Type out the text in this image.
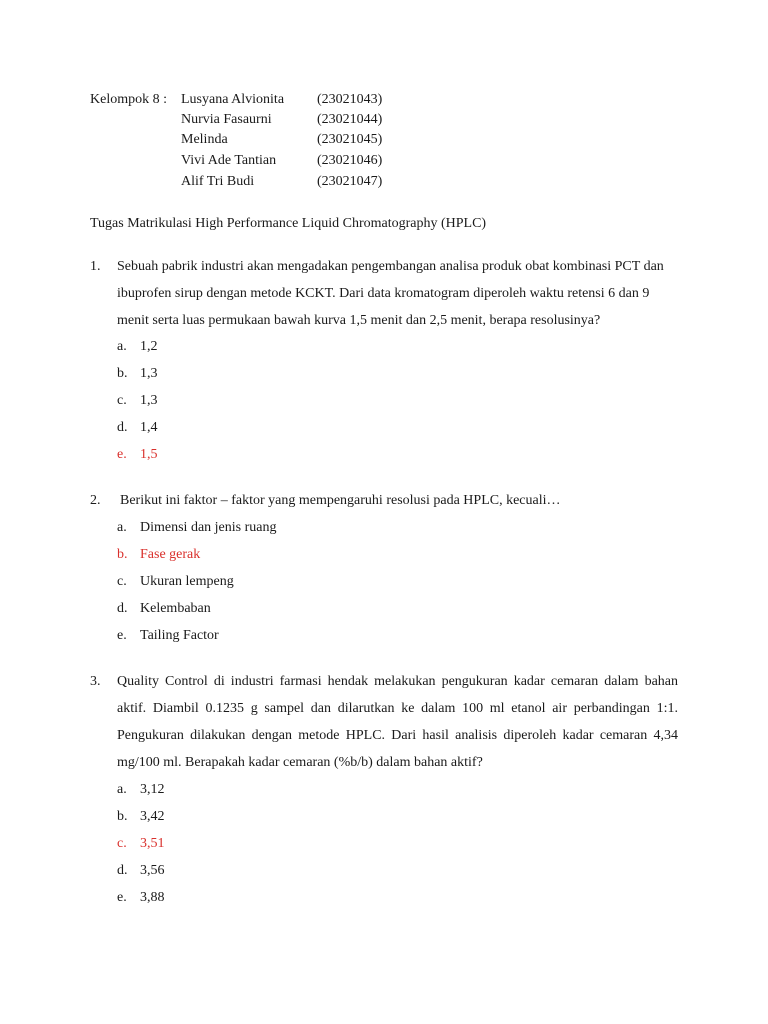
Kelompok 8 : Lusyana Alvionita (23021043)
Nurvia Fasaurni	(23021044)
Melinda	(23021045)
Vivi Ade Tantian	(23021046)
Alif Tri Budi	(23021047)
Tugas Matrikulasi High Performance Liquid Chromatography (HPLC)
1. Sebuah pabrik industri akan mengadakan pengembangan analisa produk obat kombinasi PCT dan ibuprofen sirup dengan metode KCKT. Dari data kromatogram diperoleh waktu retensi 6 dan 9 menit serta luas permukaan bawah kurva 1,5 menit dan 2,5 menit, berapa resolusinya?
a. 1,2
b. 1,3
c. 1,3
d. 1,4
e. 1,5
2. Berikut ini faktor – faktor yang mempengaruhi resolusi pada HPLC, kecuali…
a. Dimensi dan jenis ruang
b. Fase gerak
c. Ukuran lempeng
d. Kelembaban
e. Tailing Factor
3. Quality Control di industri farmasi hendak melakukan pengukuran kadar cemaran dalam bahan aktif. Diambil 0.1235 g sampel dan dilarutkan ke dalam 100 ml etanol air perbandingan 1:1. Pengukuran dilakukan dengan metode HPLC. Dari hasil analisis diperoleh kadar cemaran 4,34 mg/100 ml. Berapakah kadar cemaran (%b/b) dalam bahan aktif?
a. 3,12
b. 3,42
c. 3,51
d. 3,56
e. 3,88
